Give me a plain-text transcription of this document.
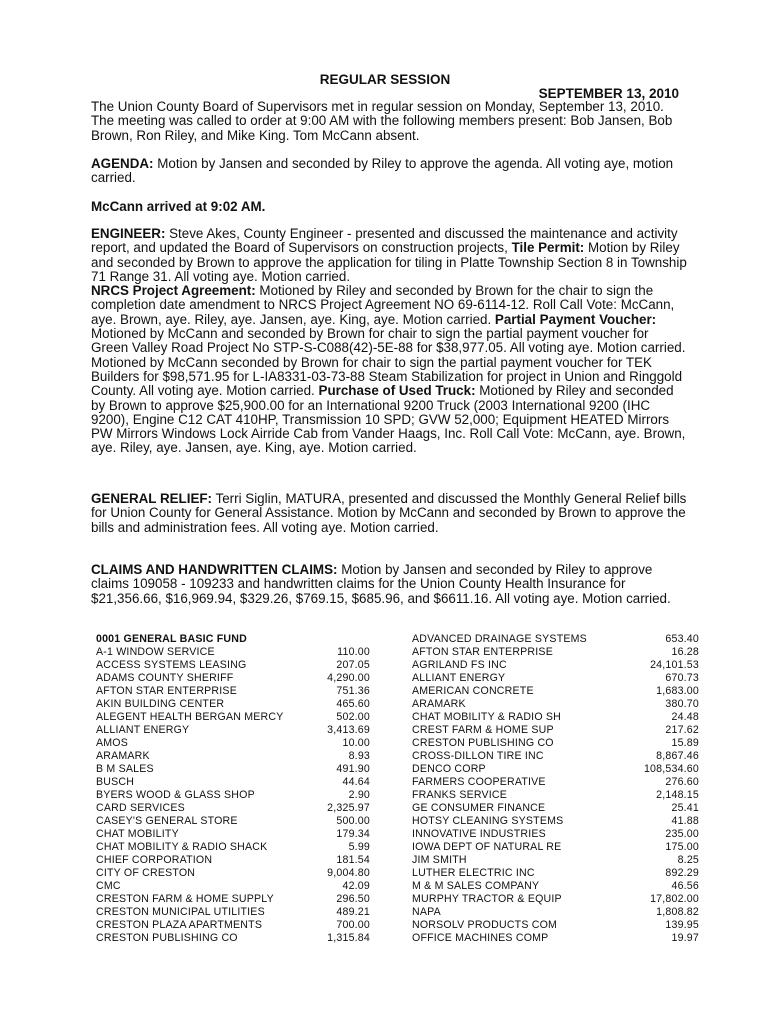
REGULAR SESSION
SEPTEMBER 13, 2010

The Union County Board of Supervisors met in regular session on Monday, September 13, 2010. The meeting was called to order at 9:00 AM with the following members present: Bob Jansen, Bob Brown, Ron Riley, and Mike King. Tom McCann absent.

AGENDA: Motion by Jansen and seconded by Riley to approve the agenda. All voting aye, motion carried.

McCann arrived at 9:02 AM.

ENGINEER: Steve Akes, County Engineer - presented and discussed the maintenance and activity report, and updated the Board of Supervisors on construction projects, Tile Permit: Motion by Riley and seconded by Brown to approve the application for tiling in Platte Township Section 8 in Township 71 Range 31. All voting aye. Motion carried.
NRCS Project Agreement: Motioned by Riley and seconded by Brown for the chair to sign the completion date amendment to NRCS Project Agreement NO 69-6114-12. Roll Call Vote: McCann, aye. Brown, aye. Riley, aye. Jansen, aye. King, aye. Motion carried. Partial Payment Voucher: Motioned by McCann and seconded by Brown for chair to sign the partial payment voucher for Green Valley Road Project No STP-S-C088(42)-5E-88 for $38,977.05. All voting aye. Motion carried.
Motioned by McCann seconded by Brown for chair to sign the partial payment voucher for TEK Builders for $98,571.95 for L-IA8331-03-73-88 Steam Stabilization for project in Union and Ringgold County. All voting aye. Motion carried. Purchase of Used Truck: Motioned by Riley and seconded by Brown to approve $25,900.00 for an International 9200 Truck (2003 International 9200 (IHC 9200), Engine C12 CAT 410HP, Transmission 10 SPD; GVW 52,000; Equipment HEATED Mirrors PW Mirrors Windows Lock Airride Cab from Vander Haags, Inc. Roll Call Vote: McCann, aye. Brown, aye. Riley, aye. Jansen, aye. King, aye. Motion carried.

GENERAL RELIEF: Terri Siglin, MATURA, presented and discussed the Monthly General Relief bills for Union County for General Assistance. Motion by McCann and seconded by Brown to approve the bills and administration fees. All voting aye. Motion carried.

CLAIMS AND HANDWRITTEN CLAIMS: Motion by Jansen and seconded by Riley to approve claims 109058 - 109233 and handwritten claims for the Union County Health Insurance for $21,356.66, $16,969.94, $329.26, $769.15, $685.96, and $6611.16. All voting aye. Motion carried.

0001 GENERAL BASIC FUND
A-1 WINDOW SERVICE	110.00
ACCESS SYSTEMS LEASING	207.05
ADAMS COUNTY SHERIFF	4,290.00
AFTON STAR ENTERPRISE	751.36
AKIN BUILDING CENTER	465.60
ALEGENT HEALTH BERGAN MERCY	502.00
ALLIANT ENERGY	3,413.69
AMOS	10.00
ARAMARK	8.93
B M SALES	491.90
BUSCH	44.64
BYERS WOOD & GLASS SHOP	2.90
CARD SERVICES	2,325.97
CASEY'S GENERAL STORE	500.00
CHAT MOBILITY	179.34
CHAT MOBILITY & RADIO SHACK	5.99
CHIEF CORPORATION	181.54
CITY OF CRESTON	9,004.80
CMC	42.09
CRESTON FARM & HOME SUPPLY	296.50
CRESTON MUNICIPAL UTILITIES	489.21
CRESTON PLAZA APARTMENTS	700.00
CRESTON PUBLISHING CO	1,315.84
ADVANCED DRAINAGE SYSTEMS	653.40
AFTON STAR ENTERPRISE	16.28
AGRILAND FS INC	24,101.53
ALLIANT ENERGY	670.73
AMERICAN CONCRETE	1,683.00
ARAMARK	380.70
CHAT MOBILITY & RADIO SH	24.48
CREST FARM & HOME SUP	217.62
CRESTON PUBLISHING CO	15.89
CROSS-DILLON TIRE INC	8,867.46
DENCO CORP	108,534.60
FARMERS COOPERATIVE	276.60
FRANKS SERVICE	2,148.15
GE CONSUMER FINANCE	25.41
HOTSY CLEANING SYSTEMS	41.88
INNOVATIVE INDUSTRIES	235.00
IOWA DEPT OF NATURAL RE	175.00
JIM SMITH	8.25
LUTHER ELECTRIC INC	892.29
M & M SALES COMPANY	46.56
MURPHY TRACTOR & EQUIP	17,802.00
NAPA	1,808.82
NORSOLV PRODUCTS COM	139.95
OFFICE MACHINES COMP	19.97
